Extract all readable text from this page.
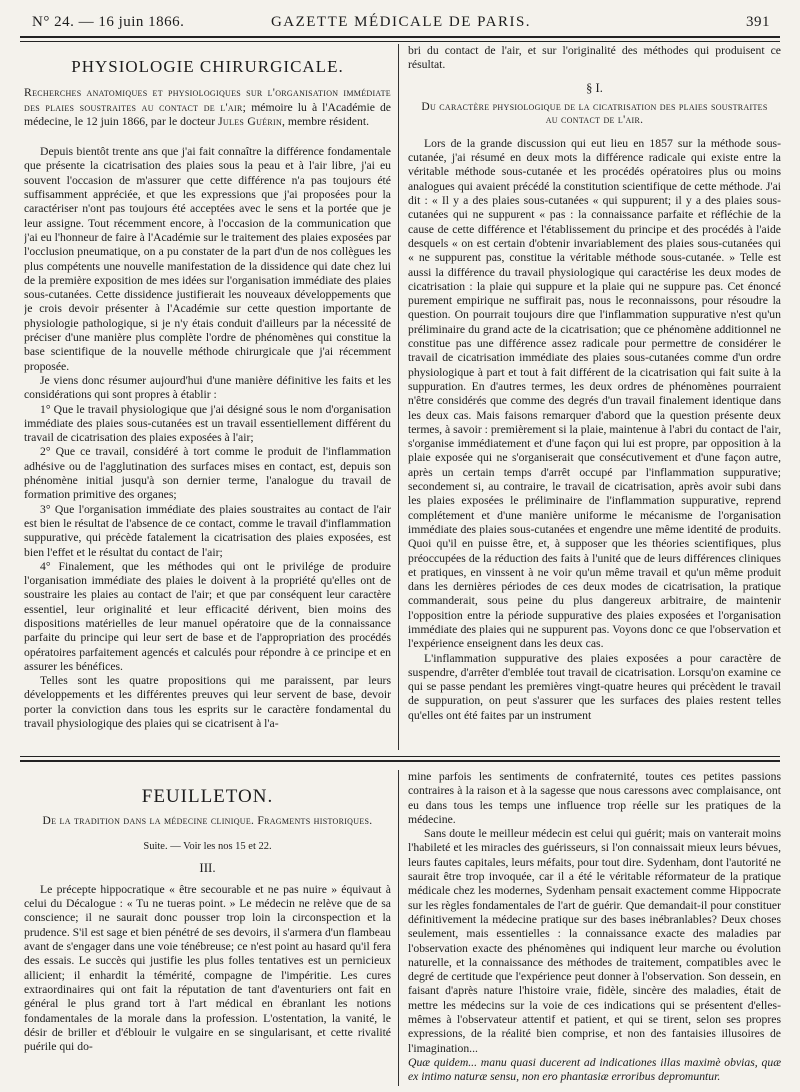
GAZETTE MÉDICALE DE PARIS.
N° 24. — 16 juin 1866.	391
PHYSIOLOGIE CHIRURGICALE.

Recherches anatomiques et physiologiques sur l'organisation immédiate des plaies soustraites au contact de l'air; mémoire lu à l'Académie de médecine, le 12 juin 1866, par le docteur Jules Guérin, membre résident.

Depuis bientôt trente ans que j'ai fait connaître la différence fondamentale que présente la cicatrisation des plaies sous la peau et à l'air libre, j'ai eu souvent l'occasion de m'assurer que cette différence n'a pas toujours été suffisamment appréciée, et que les expressions que j'ai proposées pour la caractériser n'ont pas toujours été acceptées avec le sens et la portée que je leur assigne. Tout récemment encore, à l'occasion de la communication que j'ai eu l'honneur de faire à l'Académie sur le traitement des plaies exposées par l'occlusion pneumatique, on a pu constater de la part d'un de nos collègues les plus compétents une nouvelle manifestation de la dissidence qui date chez lui de la première exposition de mes idées sur l'organisation immédiate des plaies sous-cutanées. Cette dissidence justifierait les nouveaux développements que je crois devoir présenter à l'Académie sur cette question importante de physiologie pathologique, si je n'y étais conduit d'ailleurs par la nécessité de préciser d'une manière plus complète l'ordre de phénomènes qui constitue la base scientifique de la nouvelle méthode chirurgicale que j'ai récemment proposée.

Je viens donc résumer aujourd'hui d'une manière définitive les faits et les considérations qui sont propres à établir :

1° Que le travail physiologique que j'ai désigné sous le nom d'organisation immédiate des plaies sous-cutanées est un travail essentiellement différent du travail de cicatrisation des plaies exposées à l'air;

2° Que ce travail, considéré à tort comme le produit de l'inflammation adhésive ou de l'agglutination des surfaces mises en contact, est, depuis son phénomène initial jusqu'à son dernier terme, l'analogue du travail de formation primitive des organes;

3° Que l'organisation immédiate des plaies soustraites au contact de l'air est bien le résultat de l'absence de ce contact, comme le travail d'inflammation suppurative, qui précède fatalement la cicatrisation des plaies exposées, est bien l'effet et le résultat du contact de l'air;

4° Finalement, que les méthodes qui ont le privilége de produire l'organisation immédiate des plaies le doivent à la propriété qu'elles ont de soustraire les plaies au contact de l'air; et que par conséquent leur caractère essentiel, leur originalité et leur efficacité dérivent, bien moins des dispositions matérielles de leur manuel opératoire que de la connaissance parfaite du principe qui leur sert de base et de l'appropriation des procédés opératoires parfaitement agencés et calculés pour répondre à ce principe et en assurer les bénéfices.

Telles sont les quatre propositions qui me paraissent, par leurs développements et les différentes preuves qui leur servent de base, devoir porter la conviction dans tous les esprits sur le caractère fondamental du travail physiologique des plaies qui se cicatrisent à l'a-

bri du contact de l'air, et sur l'originalité des méthodes qui produisent ce résultat.

§ I.
Du caractère physiologique de la cicatrisation des plaies soustraites au contact de l'air.

Lors de la grande discussion qui eut lieu en 1857 sur la méthode sous-cutanée, j'ai résumé en deux mots la différence radicale qui existe entre la véritable méthode sous-cutanée et les procédés opératoires plus ou moins analogues qui avaient précédé la constitution scientifique de cette méthode. J'ai dit : « Il y a des plaies sous-cutanées « qui suppurent; il y a des plaies sous-cutanées qui ne suppurent « pas : la connaissance parfaite et réfléchie de la cause de cette différence et l'établissement du principe et des procédés à l'aide desquels « on est certain d'obtenir invariablement des plaies sous-cutanées qui « ne suppurent pas, constitue la véritable méthode sous-cutanée. » Telle est aussi la différence du travail physiologique qui caractérise les deux modes de cicatrisation : la plaie qui suppure et la plaie qui ne suppure pas. Cet énoncé purement empirique ne suffirait pas, nous le reconnaissons, pour résoudre la question. On pourrait toujours dire que l'inflammation suppurative n'est qu'un préliminaire du grand acte de la cicatrisation; que ce phénomène additionnel ne constitue pas une différence assez radicale pour permettre de considérer le travail de cicatrisation immédiate des plaies sous-cutanées comme d'un ordre physiologique à part et tout à fait différent de la cicatrisation qui fait suite à la suppuration. En d'autres termes, les deux ordres de phénomènes pourraient n'être considérés que comme des degrés d'un travail finalement identique dans les deux cas. Mais faisons remarquer d'abord que la question présente deux termes, à savoir : premièrement si la plaie, maintenue à l'abri du contact de l'air, s'organise immédiatement et d'une façon qui lui est propre, par opposition à la plaie exposée qui ne s'organiserait que consécutivement et d'une façon autre, après un certain temps d'arrêt occupé par l'inflammation suppurative; secondement si, au contraire, le travail de cicatrisation, après avoir subi dans les plaies exposées le préliminaire de l'inflammation suppurative, reprend complétement et d'une manière uniforme le mécanisme de l'organisation immédiate des plaies sous-cutanées et engendre une même identité de produits. Quoi qu'il en puisse être, et, à supposer que les théories scientifiques, plus préoccupées de la réduction des faits à l'unité que de leurs différences cliniques et pratiques, en vinssent à ne voir qu'un même travail et qu'un même produit dans les dernières périodes de ces deux modes de cicatrisation, la pratique commanderait, sous peine du plus dangereux arbitraire, de maintenir l'opposition entre la période suppurative des plaies exposées et l'organisation immédiate des plaies qui ne suppurent pas. Voyons donc ce que l'observation et l'expérience enseignent dans les deux cas.

L'inflammation suppurative des plaies exposées a pour caractère de suspendre, d'arrêter d'emblée tout travail de cicatrisation. Lorsqu'on examine ce qui se passe pendant les premières vingt-quatre heures qui précèdent le travail de suppuration, on peut s'assurer que les surfaces des plaies restent telles qu'elles ont été faites par un instrument

FEUILLETON.
De la tradition dans la médecine clinique. Fragments historiques.
Suite. — Voir les nos 15 et 22.
III.

Le précepte hippocratique « être secourable et ne pas nuire » équivaut à celui du Décalogue : « Tu ne tueras point. » Le médecin ne relève que de sa conscience; il ne saurait donc pousser trop loin la circonspection et la prudence. S'il est sage et bien pénétré de ses devoirs, il s'armera d'un flambeau avant de s'engager dans une voie ténébreuse; ce n'est point au hasard qu'il fera des essais. Le succès qui justifie les plus folles tentatives est un pernicieux allicient; il enhardit la témérité, compagne de l'impéritie. Les cures extraordinaires qui ont fait la réputation de tant d'aventuriers ont fait en général le plus grand tort à l'art médical en ébranlant les notions fondamentales de la morale dans la profession. L'ostentation, la vanité, le désir de briller et d'éblouir le vulgaire en se singularisant, et cette rivalité puérile qui do-

mine parfois les sentiments de confraternité, toutes ces petites passions contraires à la raison et à la sagesse que nous caressons avec complaisance, ont eu dans tous les temps une influence trop réelle sur les pratiques de la médecine.

Sans doute le meilleur médecin est celui qui guérit; mais on vanterait moins l'habileté et les miracles des guérisseurs, si l'on connaissait mieux leurs bévues, leurs fautes capitales, leurs méfaits, pour tout dire. Sydenham, dont l'autorité ne saurait être trop invoquée, car il a été le véritable réformateur de la pratique médicale chez les modernes, Sydenham pensait exactement comme Hippocrate sur les règles fondamentales de l'art de guérir. Que demandait-il pour constituer définitivement la médecine pratique sur des bases inébranlables? Deux choses seulement, mais essentielles : la connaissance exacte des maladies par l'observation exacte des phénomènes qui indiquent leur marche ou évolution naturelle, et la connaissance des méthodes de traitement, compatibles avec le degré de certitude que l'expérience peut donner à l'observation. Son dessein, en faisant d'après nature l'histoire vraie, fidèle, sincère des maladies, était de mettre les médecins sur la voie de ces indications qui se présentent d'elles-mêmes à l'observateur attentif et patient, et qui se tirent, selon ses propres expressions, de la réalité bien comprise, et non des fantaisies illusoires de l'imagination...

Quæ quidem... manu quasi ducerent ad indicationes illas maximè obvias, quæ ex intimo naturæ sensu, non ero phantasiæ erroribus depromuntur.
